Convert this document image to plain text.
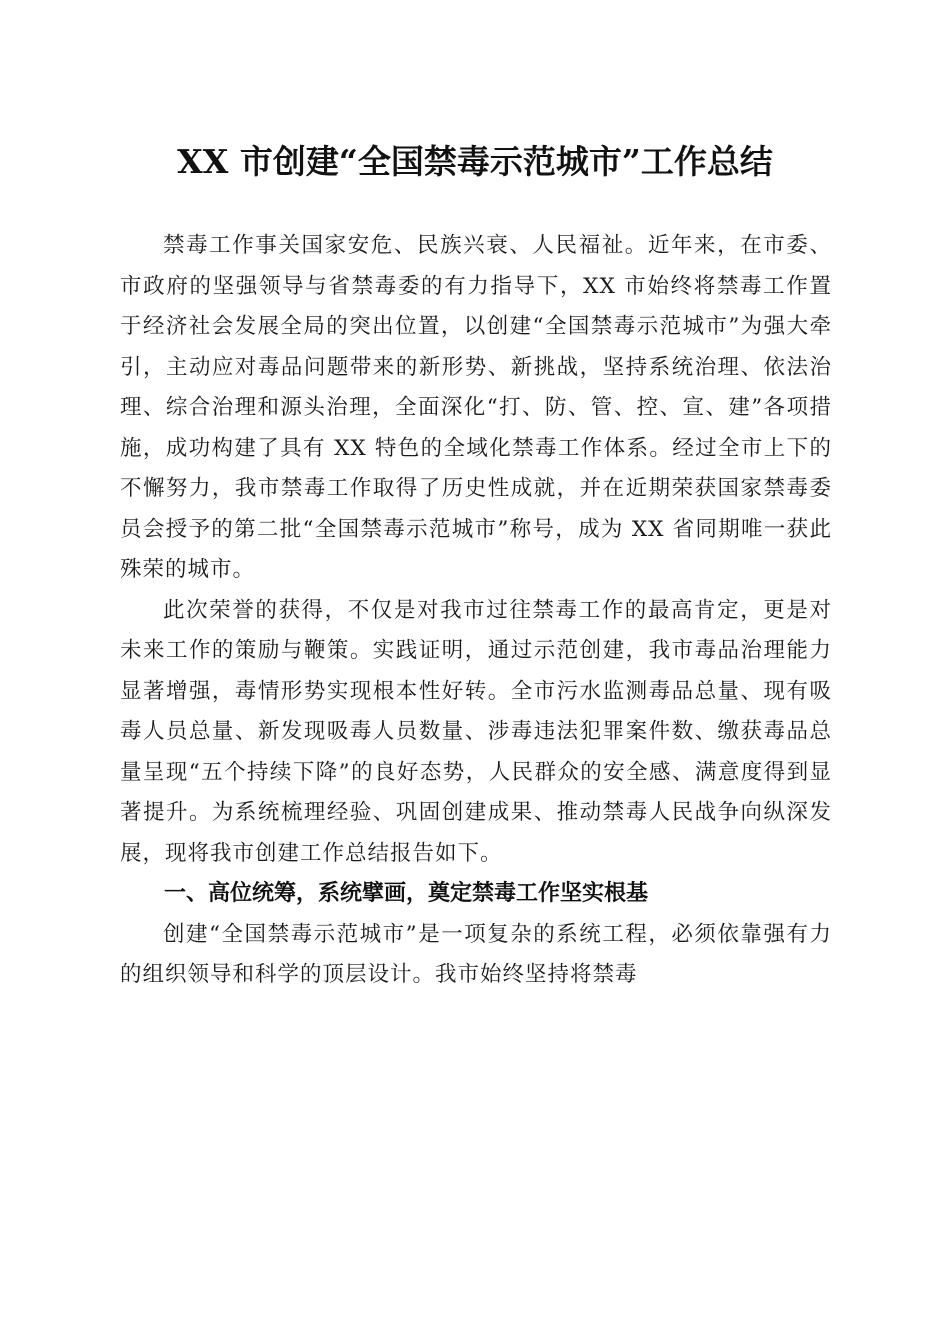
XX 市创建“全国禁毒示范城市”工作总结

禁毒工作事关国家安危、民族兴衰、人民福祉。近年来，在市委、市政府的坚强领导与省禁毒委的有力指导下，XX 市始终将禁毒工作置于经济社会发展全局的突出位置，以创建“全国禁毒示范城市”为强大牵引，主动应对毒品问题带来的新形势、新挑战，坚持系统治理、依法治理、综合治理和源头治理，全面深化“打、防、管、控、宣、建”各项措施，成功构建了具有 XX 特色的全域化禁毒工作体系。经过全市上下的不懈努力，我市禁毒工作取得了历史性成就，并在近期荣获国家禁毒委员会授予的第二批“全国禁毒示范城市”称号，成为 XX 省同期唯一获此殊荣的城市。

此次荣誉的获得，不仅是对我市过往禁毒工作的最高肯定，更是对未来工作的策励与鞭策。实践证明，通过示范创建，我市毒品治理能力显著增强，毒情形势实现根本性好转。全市污水监测毒品总量、现有吸毒人员总量、新发现吸毒人员数量、涉毒违法犯罪案件数、缴获毒品总量呈现“五个持续下降”的良好态势，人民群众的安全感、满意度得到显著提升。为系统梳理经验、巩固创建成果、推动禁毒人民战争向纵深发展，现将我市创建工作总结报告如下。

一、高位统筹，系统擘画，奠定禁毒工作坚实根基

创建“全国禁毒示范城市”是一项复杂的系统工程，必须依靠强有力的组织领导和科学的顶层设计。我市始终坚持将禁毒
